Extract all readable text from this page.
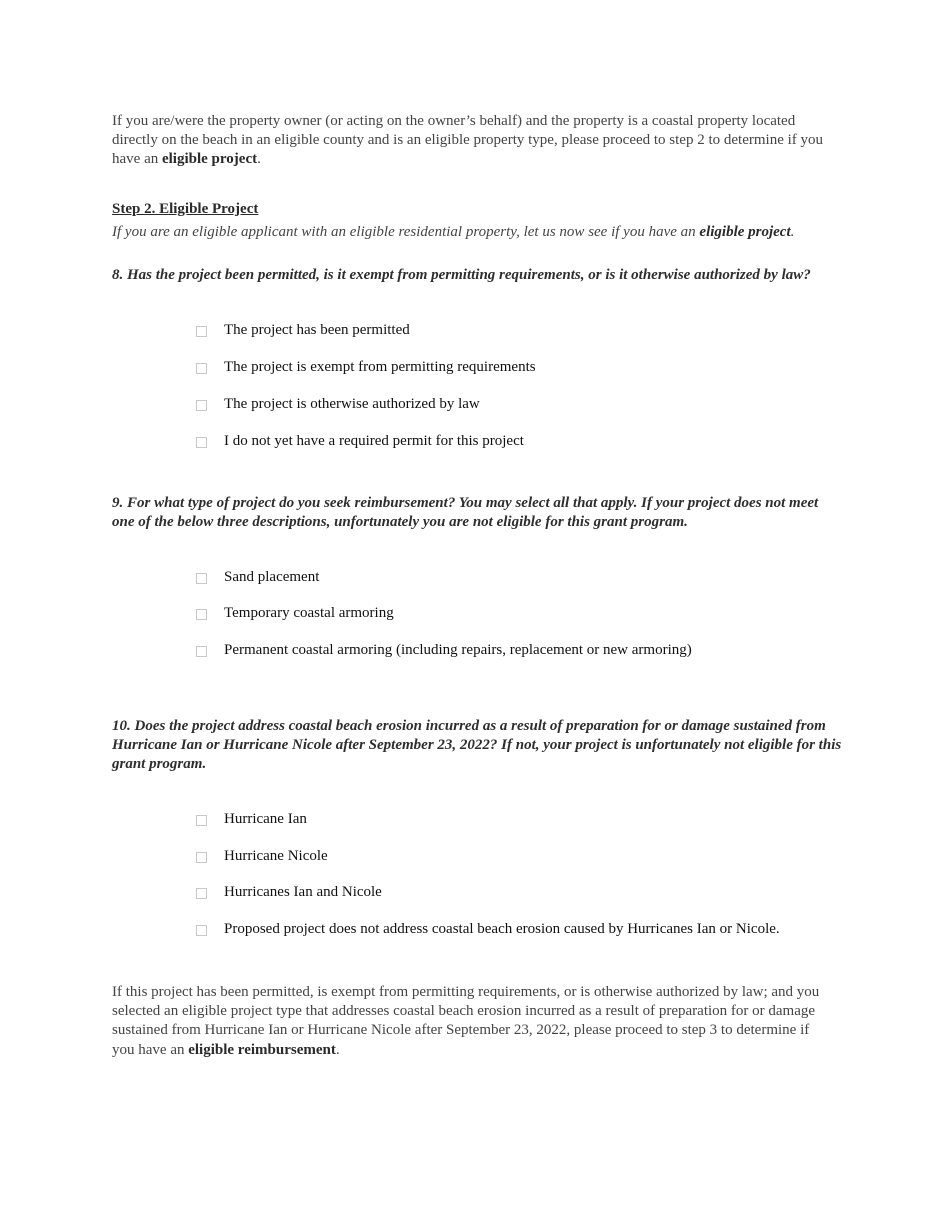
If you are/were the property owner (or acting on the owner’s behalf) and the property is a coastal property located directly on the beach in an eligible county and is an eligible property type, please proceed to step 2 to determine if you have an eligible project.

Step 2. Eligible Project
If you are an eligible applicant with an eligible residential property, let us now see if you have an eligible project.
8. Has the project been permitted, is it exempt from permitting requirements, or is it otherwise authorized by law?
The project has been permitted
The project is exempt from permitting requirements
The project is otherwise authorized by law
I do not yet have a required permit for this project
9. For what type of project do you seek reimbursement? You may select all that apply. If your project does not meet one of the below three descriptions, unfortunately you are not eligible for this grant program.
Sand placement
Temporary coastal armoring
Permanent coastal armoring (including repairs, replacement or new armoring)
10. Does the project address coastal beach erosion incurred as a result of preparation for or damage sustained from Hurricane Ian or Hurricane Nicole after September 23, 2022? If not, your project is unfortunately not eligible for this grant program.
Hurricane Ian
Hurricane Nicole
Hurricanes Ian and Nicole
Proposed project does not address coastal beach erosion caused by Hurricanes Ian or Nicole.

If this project has been permitted, is exempt from permitting requirements, or is otherwise authorized by law; and you selected an eligible project type that addresses coastal beach erosion incurred as a result of preparation for or damage sustained from Hurricane Ian or Hurricane Nicole after September 23, 2022, please proceed to step 3 to determine if you have an eligible reimbursement.
